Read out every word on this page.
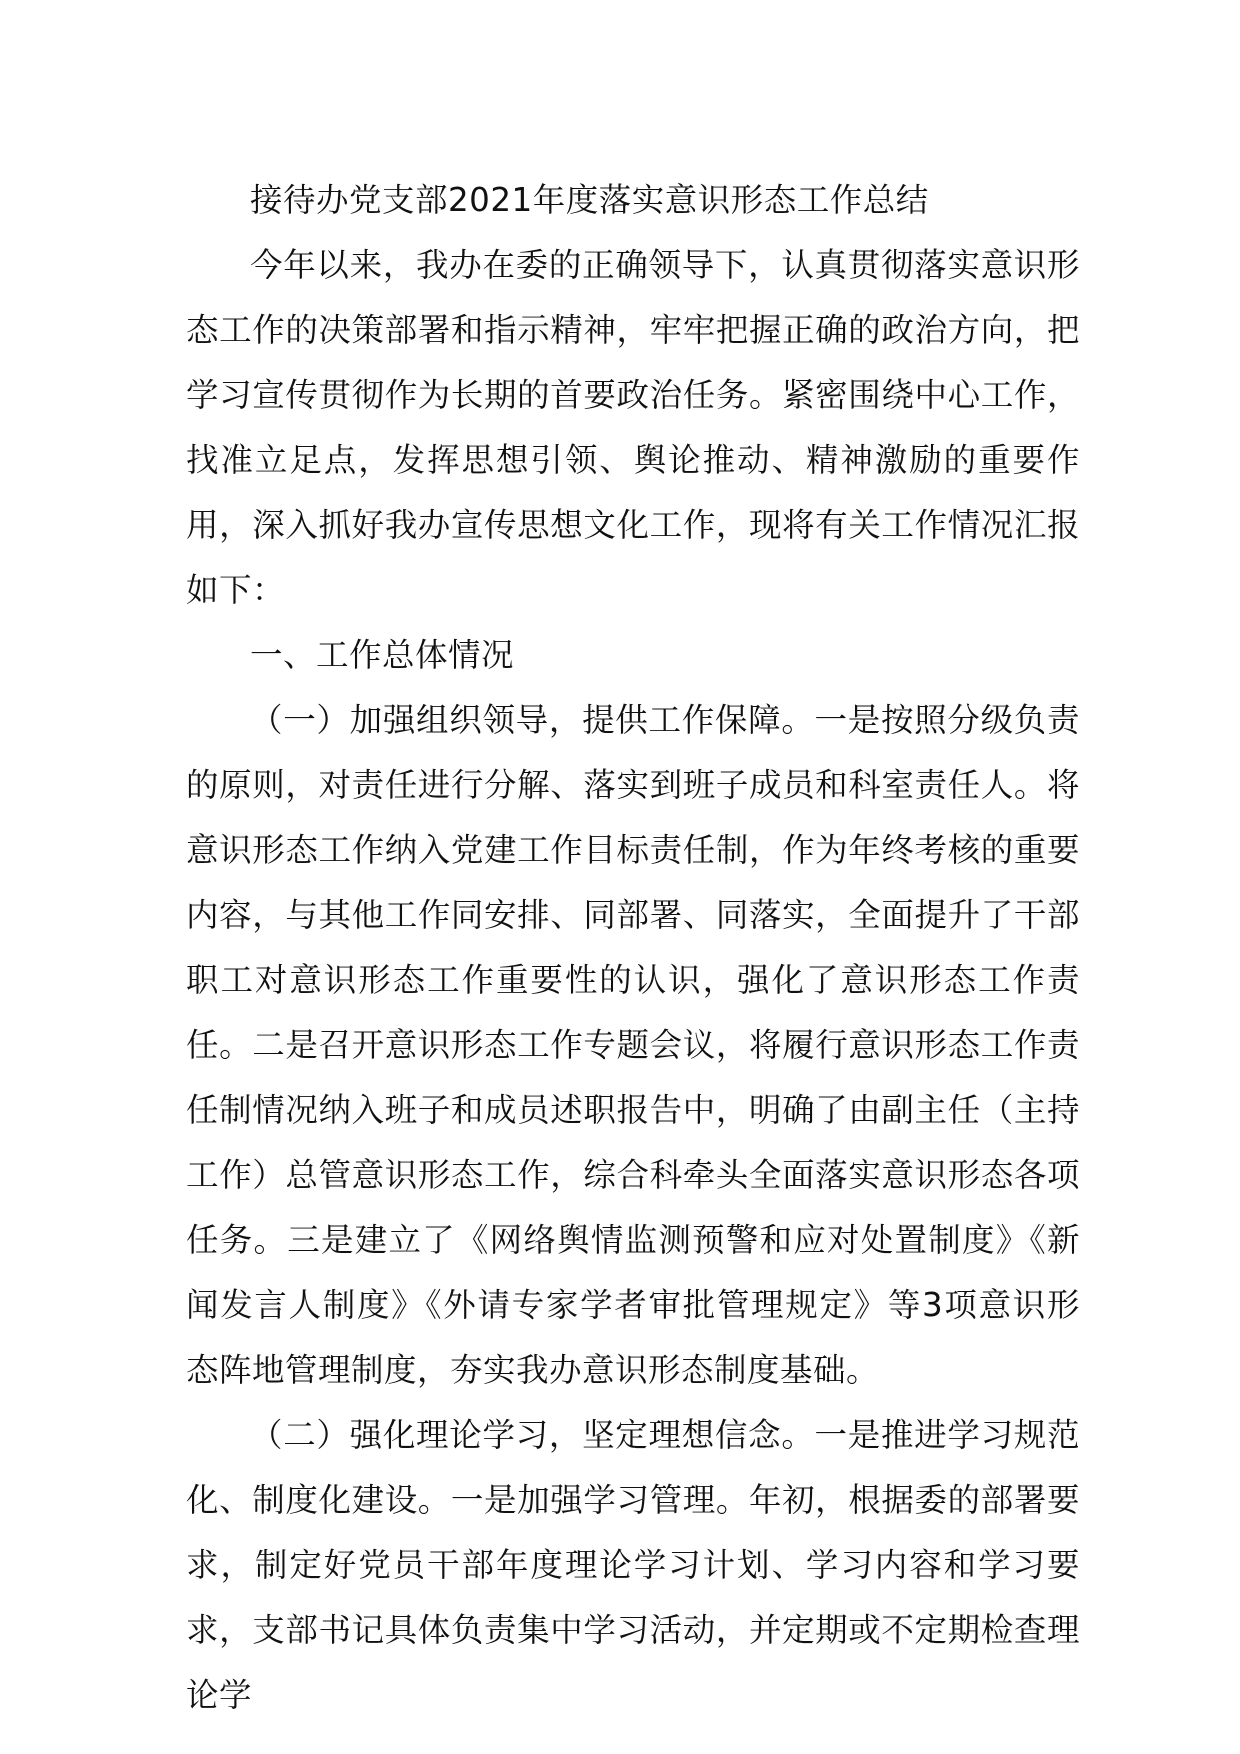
接待办党支部2021年度落实意识形态工作总结

今年以来，我办在委的正确领导下，认真贯彻落实意识形态工作的决策部署和指示精神，牢牢把握正确的政治方向，把学习宣传贯彻作为长期的首要政治任务。紧密围绕中心工作，找准立足点，发挥思想引领、舆论推动、精神激励的重要作用，深入抓好我办宣传思想文化工作，现将有关工作情况汇报如下：

一、工作总体情况

（一）加强组织领导，提供工作保障。一是按照分级负责的原则，对责任进行分解、落实到班子成员和科室责任人。将意识形态工作纳入党建工作目标责任制，作为年终考核的重要内容，与其他工作同安排、同部署、同落实，全面提升了干部职工对意识形态工作重要性的认识，强化了意识形态工作责任。二是召开意识形态工作专题会议，将履行意识形态工作责任制情况纳入班子和成员述职报告中，明确了由副主任（主持工作）总管意识形态工作，综合科牵头全面落实意识形态各项任务。三是建立了《网络舆情监测预警和应对处置制度》《新闻发言人制度》《外请专家学者审批管理规定》等3项意识形态阵地管理制度，夯实我办意识形态制度基础。

（二）强化理论学习，坚定理想信念。一是推进学习规范化、制度化建设。一是加强学习管理。年初，根据委的部署要求，制定好党员干部年度理论学习计划、学习内容和学习要求，支部书记具体负责集中学习活动，并定期或不定期检查理论学
